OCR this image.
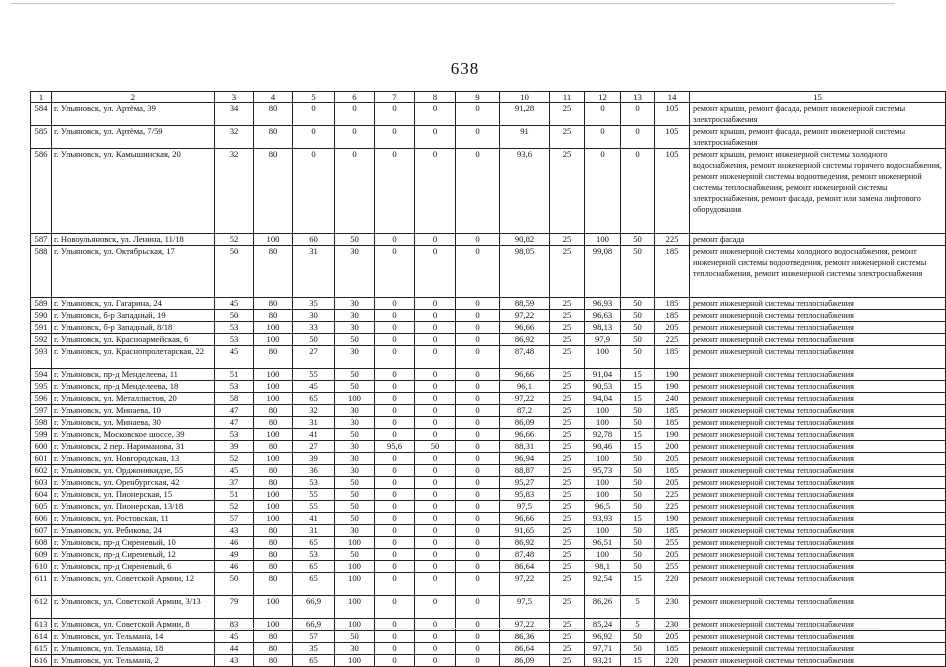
638
1	2	3	4	5	6	7	8	9	10	11	12	13	14	15
584	г. Ульяновск, ул. Артёма, 39	34	80	0	0	0	0	0	91,28	25	0	0	105	ремонт крыши, ремонт фасада, ремонт инженерной системы электроснабжения
585	г. Ульяновск, ул. Артёма, 7/59	32	80	0	0	0	0	0	91	25	0	0	105	ремонт крыши, ремонт фасада, ремонт инженерной системы электроснабжения
586	г. Ульяновск, ул. Камышинская, 20	32	80	0	0	0	0	0	93,6	25	0	0	105	ремонт крыши, ремонт инженерной системы холодного водоснабжения, ремонт инженерной системы горячего водоснабжения, ремонт инженерной системы водоотведения, ремонт инженерной системы теплоснабжения, ремонт инженерной системы электроснабжения, ремонт фасада, ремонт или замена лифтового оборудования
587	г. Новоульяновск, ул. Ленина, 11/18	52	100	60	50	0	0	0	90,82	25	100	50	225	ремонт фасада
588	г. Ульяновск, ул. Октябрьская, 17	50	80	31	30	0	0	0	98,05	25	99,08	50	185	ремонт инженерной системы холодного водоснабжения, ремонт инженерной системы водоотведения, ремонт инженерной системы теплоснабжения, ремонт инженерной системы электроснабжения
589	г. Ульяновск, ул. Гагарина, 24	45	80	35	30	0	0	0	88,59	25	96,93	50	185	ремонт инженерной системы теплоснабжения
590	г. Ульяновск, б-р Западный, 19	50	80	30	30	0	0	0	97,22	25	96,63	50	185	ремонт инженерной системы теплоснабжения
591	г. Ульяновск, б-р Западный, 8/18	53	100	33	30	0	0	0	96,66	25	98,13	50	205	ремонт инженерной системы теплоснабжения
592	г. Ульяновск, ул. Красноармейская, 6	53	100	50	50	0	0	0	86,92	25	97,9	50	225	ремонт инженерной системы теплоснабжения
593	г. Ульяновск, ул. Краснопролетарская, 22	45	80	27	30	0	0	0	87,48	25	100	50	185	ремонт инженерной системы теплоснабжения
594	г. Ульяновск, пр-д Менделеева, 11	51	100	55	50	0	0	0	96,66	25	91,04	15	190	ремонт инженерной системы теплоснабжения
595	г. Ульяновск, пр-д Менделеева, 18	53	100	45	50	0	0	0	96,1	25	90,53	15	190	ремонт инженерной системы теплоснабжения
596	г. Ульяновск, ул. Металлистов, 20	58	100	65	100	0	0	0	97,22	25	94,04	15	240	ремонт инженерной системы теплоснабжения
597	г. Ульяновск, ул. Минаева, 10	47	80	32	30	0	0	0	87,2	25	100	50	185	ремонт инженерной системы теплоснабжения
598	г. Ульяновск, ул. Минаева, 30	47	80	31	30	0	0	0	86,09	25	100	50	185	ремонт инженерной системы теплоснабжения
599	г. Ульяновск, Московское шоссе, 39	53	100	41	50	0	0	0	96,66	25	92,78	15	190	ремонт инженерной системы теплоснабжения
600	г. Ульяновск, 2 пер. Нариманова, 31	39	80	27	30	95,6	50	0	88,31	25	90,46	15	200	ремонт инженерной системы теплоснабжения
601	г. Ульяновск, ул. Новгородская, 13	52	100	39	30	0	0	0	96,94	25	100	50	205	ремонт инженерной системы теплоснабжения
602	г. Ульяновск, ул. Орджоникидзе, 55	45	80	36	30	0	0	0	88,87	25	95,73	50	185	ремонт инженерной системы теплоснабжения
603	г. Ульяновск, ул. Оренбургская, 42	37	80	53	50	0	0	0	95,27	25	100	50	205	ремонт инженерной системы теплоснабжения
604	г. Ульяновск, ул. Пионерская, 15	51	100	55	50	0	0	0	95,83	25	100	50	225	ремонт инженерной системы теплоснабжения
605	г. Ульяновск, ул. Пионерская, 13/18	52	100	55	50	0	0	0	97,5	25	96,5	50	225	ремонт инженерной системы теплоснабжения
606	г. Ульяновск, ул. Ростовская, 11	57	100	41	50	0	0	0	96,66	25	93,93	15	190	ремонт инженерной системы теплоснабжения
607	г. Ульяновск, ул. Ребикова, 24	43	80	31	30	0	0	0	91,65	25	100	50	185	ремонт инженерной системы теплоснабжения
608	г. Ульяновск, пр-д Сиреневый, 10	46	80	65	100	0	0	0	86,92	25	96,51	50	255	ремонт инженерной системы теплоснабжения
609	г. Ульяновск, пр-д Сиреневый, 12	49	80	53	50	0	0	0	87,48	25	100	50	205	ремонт инженерной системы теплоснабжения
610	г. Ульяновск, пр-д Сиреневый, 6	46	80	65	100	0	0	0	86,64	25	98,1	50	255	ремонт инженерной системы теплоснабжения
611	г. Ульяновск, ул. Советской Армии, 12	50	80	65	100	0	0	0	97,22	25	92,54	15	220	ремонт инженерной системы теплоснабжения
612	г. Ульяновск, ул. Советской Армии, 3/13	79	100	66,9	100	0	0	0	97,5	25	86,26	5	230	ремонт инженерной системы теплоснабжения
613	г. Ульяновск, ул. Советской Армии, 8	83	100	66,9	100	0	0	0	97,22	25	85,24	5	230	ремонт инженерной системы теплоснабжения
614	г. Ульяновск, ул. Тельмана, 14	45	80	57	50	0	0	0	86,36	25	96,92	50	205	ремонт инженерной системы теплоснабжения
615	г. Ульяновск, ул. Тельмана, 18	44	80	35	30	0	0	0	86,64	25	97,71	50	185	ремонт инженерной системы теплоснабжения
616	г. Ульяновск, ул. Тельмана, 2	43	80	65	100	0	0	0	86,09	25	93,21	15	220	ремонт инженерной системы теплоснабжения
